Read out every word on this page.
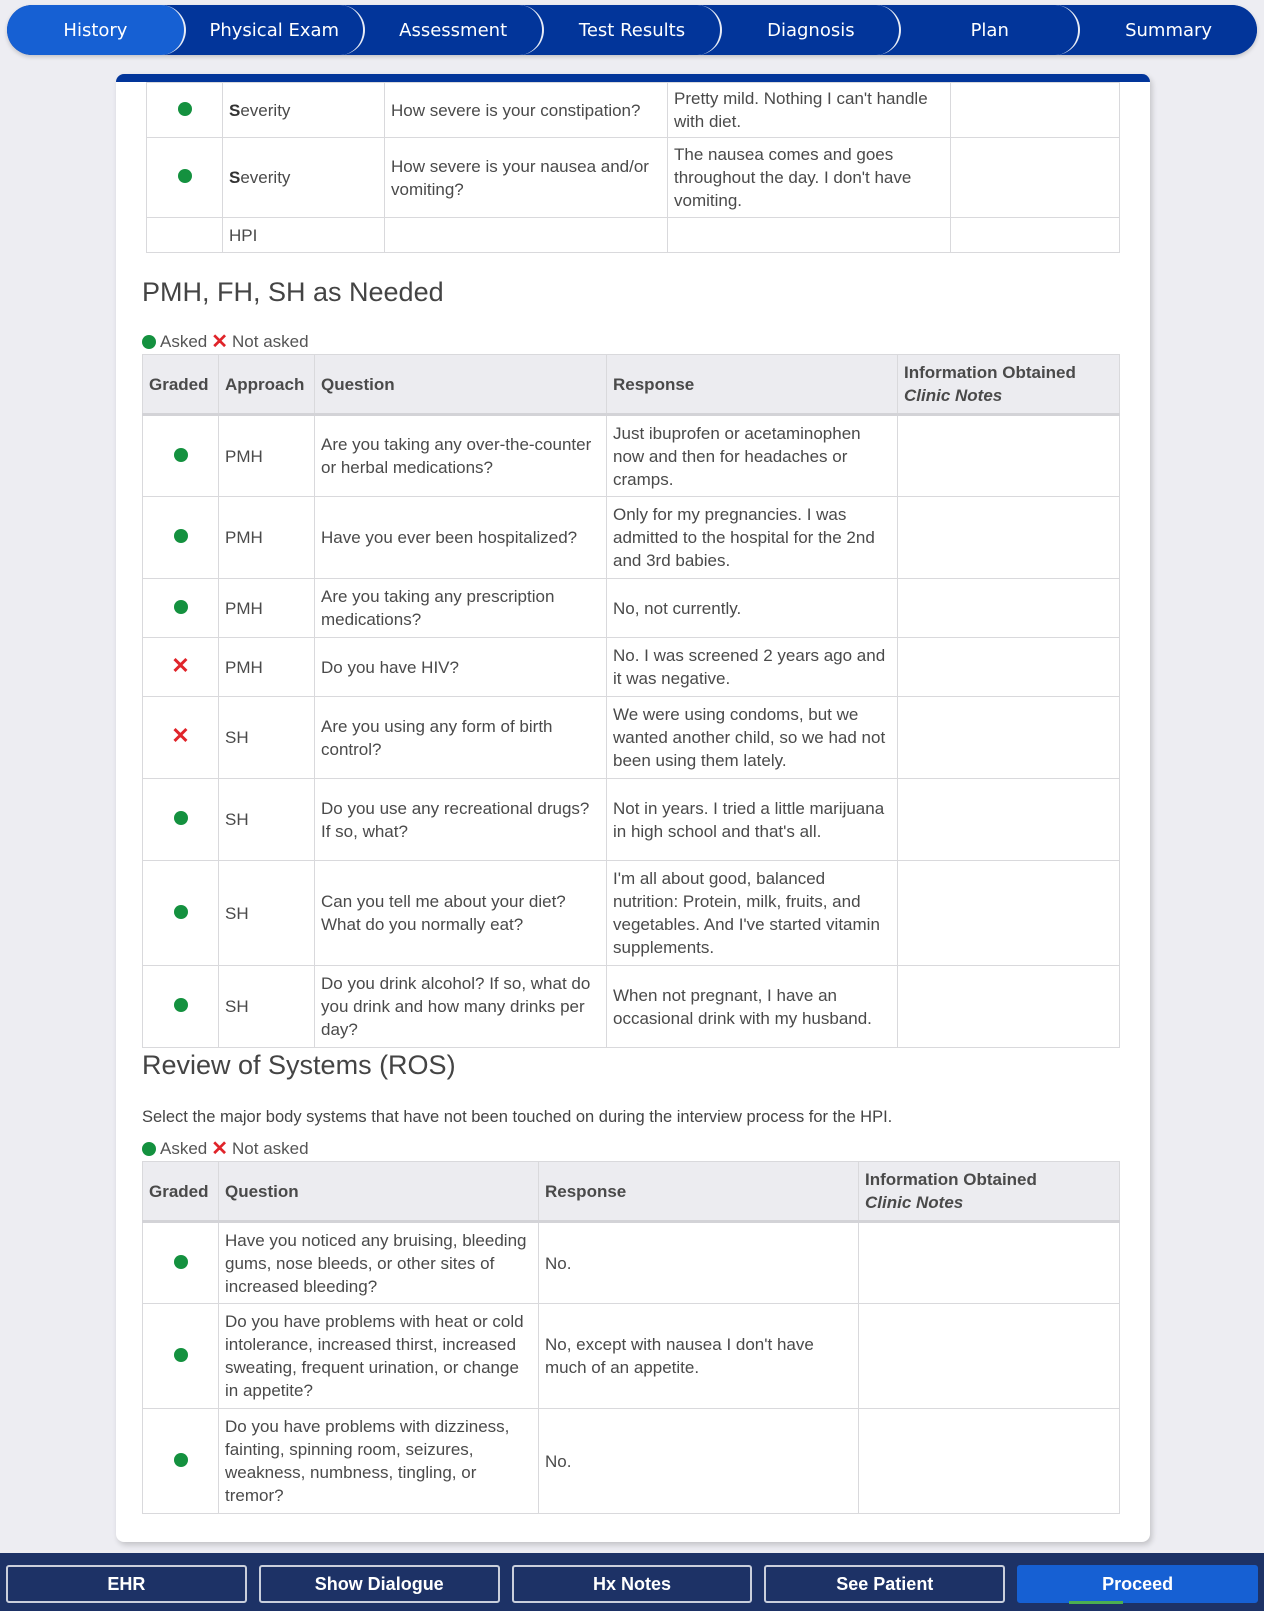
History	Physical Exam	Assessment	Test Results	Diagnosis	Plan	Summary
	Severity	How severe is your constipation?	Pretty mild. Nothing I can't handle with diet.	
	Severity	How severe is your nausea and/or vomiting?	The nausea comes and goes throughout the day. I don't have vomiting.	
	HPI			
PMH, FH, SH as Needed
Asked ✕ Not asked
Graded	Approach	Question	Response	Information Obtained
Clinic Notes

	PMH	Are you taking any over-the-counter or herbal medications?	Just ibuprofen or acetaminophen now and then for headaches or cramps.	
	PMH	Have you ever been hospitalized?	Only for my pregnancies. I was admitted to the hospital for the 2nd and 3rd babies.	
	PMH	Are you taking any prescription medications?	No, not currently.	
✕	PMH	Do you have HIV?	No. I was screened 2 years ago and it was negative.	
✕	SH	Are you using any form of birth control?	We were using condoms, but we wanted another child, so we had not been using them lately.	
	SH	Do you use any recreational drugs? If so, what?	Not in years. I tried a little marijuana in high school and that's all.	
	SH	Can you tell me about your diet? What do you normally eat?	I'm all about good, balanced nutrition: Protein, milk, fruits, and vegetables. And I've started vitamin supplements.	
	SH	Do you drink alcohol? If so, what do you drink and how many drinks per day?	When not pregnant, I have an occasional drink with my husband.	
Review of Systems (ROS)
Select the major body systems that have not been touched on during the interview process for the HPI.
Asked ✕ Not asked
Graded	Question	Response	Information Obtained
Clinic Notes

	Have you noticed any bruising, bleeding gums, nose bleeds, or other sites of increased bleeding?	No.	
	Do you have problems with heat or cold intolerance, increased thirst, increased sweating, frequent urination, or change in appetite?	No, except with nausea I don't have much of an appetite.	
	Do you have problems with dizziness, fainting, spinning room, seizures, weakness, numbness, tingling, or tremor?	No.	
EHR	Show Dialogue	Hx Notes	See Patient	Proceed
